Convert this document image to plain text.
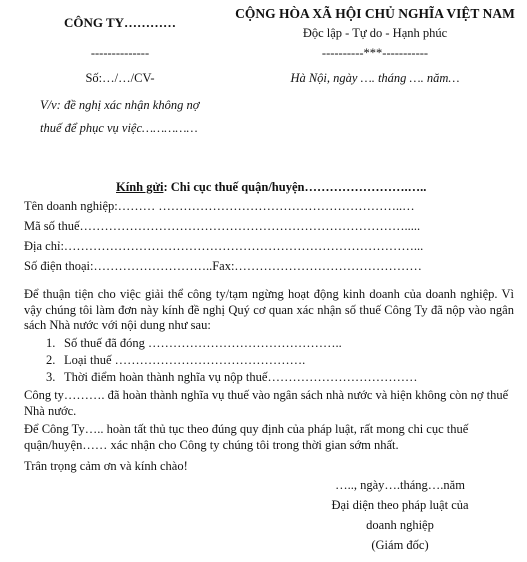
CÔNG TY…………
--------------
Số:…/…/CV-
V/v: đề nghị xác nhận không nợ
thuế để phục vụ việc……………
CỘNG HÒA XÃ HỘI CHỦ NGHĨA VIỆT NAM
Độc lập - Tự do - Hạnh phúc
----------***-----------
Hà Nội, ngày …. tháng …. năm…
Kính gửi: Chi cục thuế quận/huyện…………………….…..
Tên doanh nghiệp:……… …………………………………………………..…
Mã số thuế…………………………………………………………………….....
Địa chỉ:…………………………………………………………………………...
Số điện thoại:………………………..Fax:………………………………………
Để thuận tiện cho việc giải thể công ty/tạm ngừng hoạt động kinh doanh của doanh nghiệp. Vì vậy chúng tôi làm đơn này kính đề nghị Quý cơ quan xác nhận số thuế Công Ty đã nộp vào ngân sách Nhà nước với nội dung như sau:
1. Số thuế đã đóng ………………………………………..
2. Loại thuế ……………………………………….
3. Thời điểm hoàn thành nghĩa vụ nộp thuế………………………………
Công ty………. đã hoàn thành nghĩa vụ thuế vào ngân sách nhà nước và hiện không còn nợ thuế Nhà nước.
Để Công Ty….. hoàn tất thủ tục theo đúng quy định của pháp luật, rất mong chi cục thuế quận/huyện…… xác nhận cho Công ty chúng tôi trong thời gian sớm nhất.
Trân trọng cảm ơn và kính chào!
….., ngày….tháng….năm
Đại diện theo pháp luật của
doanh nghiệp
(Giám đốc)
